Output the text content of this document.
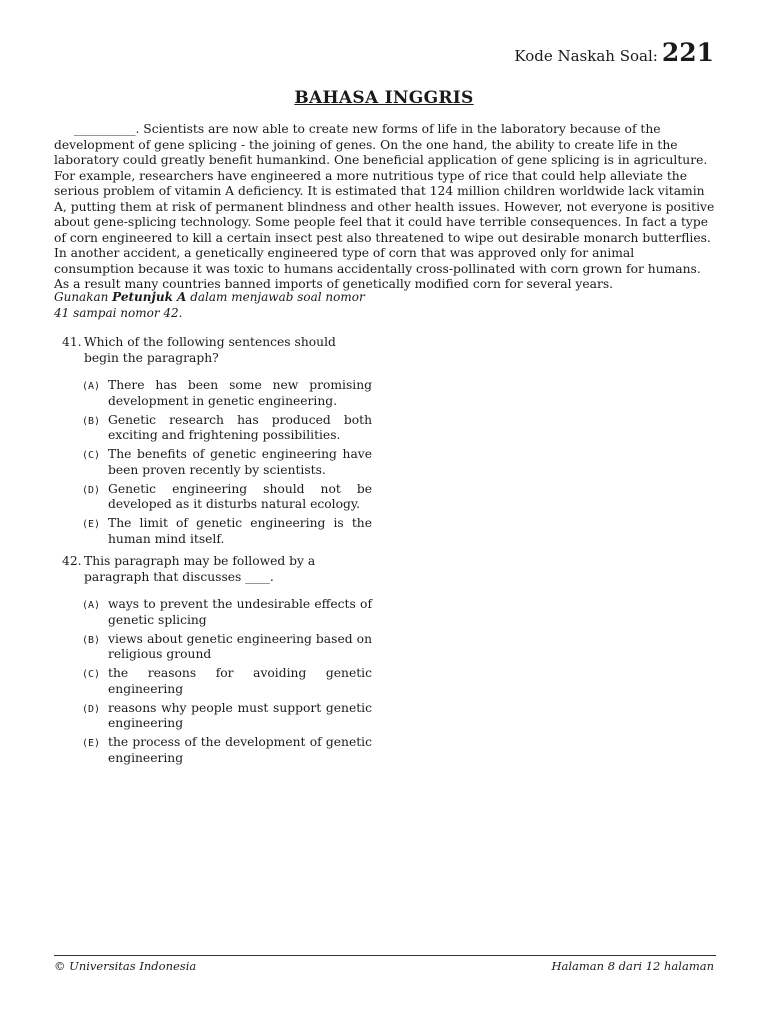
Kode Naskah Soal: 221
BAHASA INGGRIS
__________. Scientists are now able to create new forms of life in the laboratory because of the development of gene splicing - the joining of genes. On the one hand, the ability to create life in the laboratory could greatly benefit humankind. One beneficial application of gene splicing is in agriculture. For example, researchers have engineered a more nutritious type of rice that could help alleviate the serious problem of vitamin A deficiency. It is estimated that 124 million children worldwide lack vitamin A, putting them at risk of permanent blindness and other health issues. However, not everyone is positive about gene-splicing technology. Some people feel that it could have terrible consequences. In fact a type of corn engineered to kill a certain insect pest also threatened to wipe out desirable monarch butterflies. In another accident, a genetically engineered type of corn that was approved only for animal consumption because it was toxic to humans accidentally cross-pollinated with corn grown for humans. As a result many countries banned imports of genetically modified corn for several years.
Gunakan Petunjuk A dalam menjawab soal nomor 41 sampai nomor 42.
41. Which of the following sentences should begin the paragraph?
(A) There has been some new promising development in genetic engineering.
(B) Genetic research has produced both exciting and frightening possibilities.
(C) The benefits of genetic engineering have been proven recently by scientists.
(D) Genetic engineering should not be developed as it disturbs natural ecology.
(E) The limit of genetic engineering is the human mind itself.
42. This paragraph may be followed by a paragraph that discusses ____.
(A) ways to prevent the undesirable effects of genetic splicing
(B) views about genetic engineering based on religious ground
(C) the reasons for avoiding genetic engineering
(D) reasons why people must support genetic engineering
(E) the process of the development of genetic engineering
© Universitas Indonesia	Halaman 8 dari 12 halaman
